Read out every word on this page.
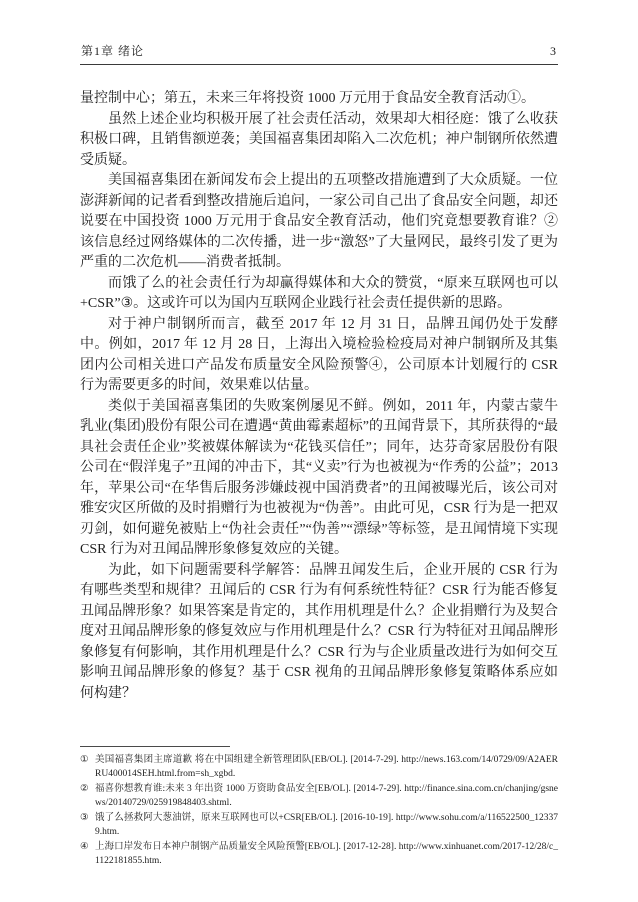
第1章 绪论	3

量控制中心；第五，未来三年将投资 1000 万元用于食品安全教育活动①。

虽然上述企业均积极开展了社会责任活动，效果却大相径庭：饿了么收获积极口碑，且销售额逆袭；美国福喜集团却陷入二次危机；神户制钢所依然遭受质疑。

美国福喜集团在新闻发布会上提出的五项整改措施遭到了大众质疑。一位澎湃新闻的记者看到整改措施后追问，一家公司自己出了食品安全问题，却还说要在中国投资 1000 万元用于食品安全教育活动，他们究竟想要教育谁？②该信息经过网络媒体的二次传播，进一步“激怒”了大量网民，最终引发了更为严重的二次危机——消费者抵制。

而饿了么的社会责任行为却赢得媒体和大众的赞赏，“原来互联网也可以+CSR”③。这或许可以为国内互联网企业践行社会责任提供新的思路。

对于神户制钢所而言，截至 2017 年 12 月 31 日，品牌丑闻仍处于发酵中。例如，2017 年 12 月 28 日，上海出入境检验检疫局对神户制钢所及其集团内公司相关进口产品发布质量安全风险预警④，公司原本计划履行的 CSR 行为需要更多的时间，效果难以估量。

类似于美国福喜集团的失败案例屡见不鲜。例如，2011 年，内蒙古蒙牛乳业(集团)股份有限公司在遭遇“黄曲霉素超标”的丑闻背景下，其所获得的“最具社会责任企业”奖被媒体解读为“花钱买信任”；同年，达芬奇家居股份有限公司在“假洋鬼子”丑闻的冲击下，其“义卖”行为也被视为“作秀的公益”；2013年，苹果公司“在华售后服务涉嫌歧视中国消费者”的丑闻被曝光后，该公司对雅安灾区所做的及时捐赠行为也被视为“伪善”。由此可见，CSR 行为是一把双刃剑，如何避免被贴上“伪社会责任”“伪善”“漂绿”等标签，是丑闻情境下实现 CSR 行为对丑闻品牌形象修复效应的关键。

为此，如下问题需要科学解答：品牌丑闻发生后，企业开展的 CSR 行为有哪些类型和规律？丑闻后的 CSR 行为有何系统性特征？CSR 行为能否修复丑闻品牌形象？如果答案是肯定的，其作用机理是什么？企业捐赠行为及契合度对丑闻品牌形象的修复效应与作用机理是什么？CSR 行为特征对丑闻品牌形象修复有何影响，其作用机理是什么？CSR 行为与企业质量改进行为如何交互影响丑闻品牌形象的修复？基于 CSR 视角的丑闻品牌形象修复策略体系应如何构建？

① 美国福喜集团主席道歉 将在中国组建全新管理团队[EB/OL]. [2014-7-29]. http://news.163.com/14/0729/09/A2AERRU400014SEH.html.from=sh_xgbd.
② 福喜你想教育谁:未来 3 年出资 1000 万资助食品安全[EB/OL]. [2014-7-29]. http://finance.sina.com.cn/chanjing/gsnews/20140729/025919848403.shtml.
③ 饿了么拯救阿大葱油饼，原来互联网也可以+CSR[EB/OL]. [2016-10-19]. http://www.sohu.com/a/116522500_123379.htm.
④ 上海口岸发布日本神户制钢产品质量安全风险预警[EB/OL]. [2017-12-28]. http://www.xinhuanet.com/2017-12/28/c_1122181855.htm.
